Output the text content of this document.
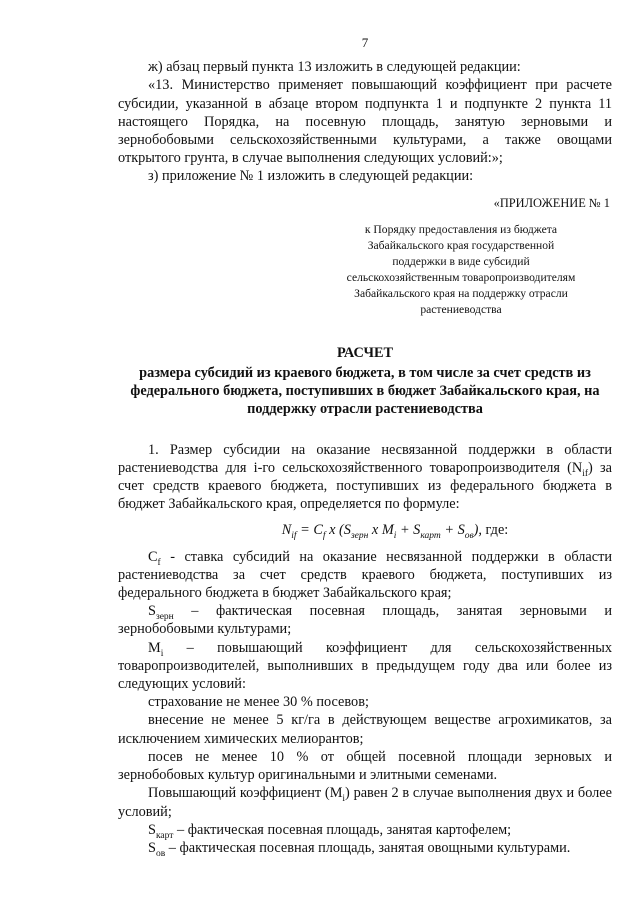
7

ж) абзац первый пункта 13 изложить в следующей редакции:

«13. Министерство применяет повышающий коэффициент при расчете субсидии, указанной в абзаце втором подпункта 1 и подпункте 2 пункта 11 настоящего Порядка, на посевную площадь, занятую зерновыми и зернобобовыми сельскохозяйственными культурами, а также овощами открытого грунта, в случае выполнения следующих условий:»;

з) приложение № 1 изложить в следующей редакции:

«ПРИЛОЖЕНИЕ № 1
к Порядку предоставления из бюджета
Забайкальского края государственной
поддержки в виде субсидий
сельскохозяйственным товаропроизводителям
Забайкальского края на поддержку отрасли
растениеводства
РАСЧЕТ
размера субсидий из краевого бюджета, в том числе за счет средств из федерального бюджета, поступивших в бюджет Забайкальского края, на поддержку отрасли растениеводства

1. Размер субсидии на оказание несвязанной поддержки в области растениеводства для i-го сельскохозяйственного товаропроизводителя $(N_{if})$ за счет средств краевого бюджета, поступивших из федерального бюджета в бюджет Забайкальского края, определяется по формуле:

$N_{if} = C_f$ x ($S_{зерн}$ x $M_i + S_{карт} + S_{ов}$), где:

$C_f$ - ставка субсидий на оказание несвязанной поддержки в области растениеводства за счет средств краевого бюджета, поступивших из федерального бюджета в бюджет Забайкальского края;

$S_{зерн}$ – фактическая посевная площадь, занятая зерновыми и зернобобовыми культурами;

$M_i$ – повышающий коэффициент для сельскохозяйственных товаропроизводителей, выполнивших в предыдущем году два или более из следующих условий:

страхование не менее 30 % посевов;

внесение не менее 5 кг/га в действующем веществе агрохимикатов, за исключением химических мелиорантов;

посев не менее 10 % от общей посевной площади зерновых и зернобобовых культур оригинальными и элитными семенами.

Повышающий коэффициент $(M_i)$ равен 2 в случае выполнения двух и более условий;

$S_{карт}$ – фактическая посевная площадь, занятая картофелем;

$S_{ов}$ – фактическая посевная площадь, занятая овощными культурами.
